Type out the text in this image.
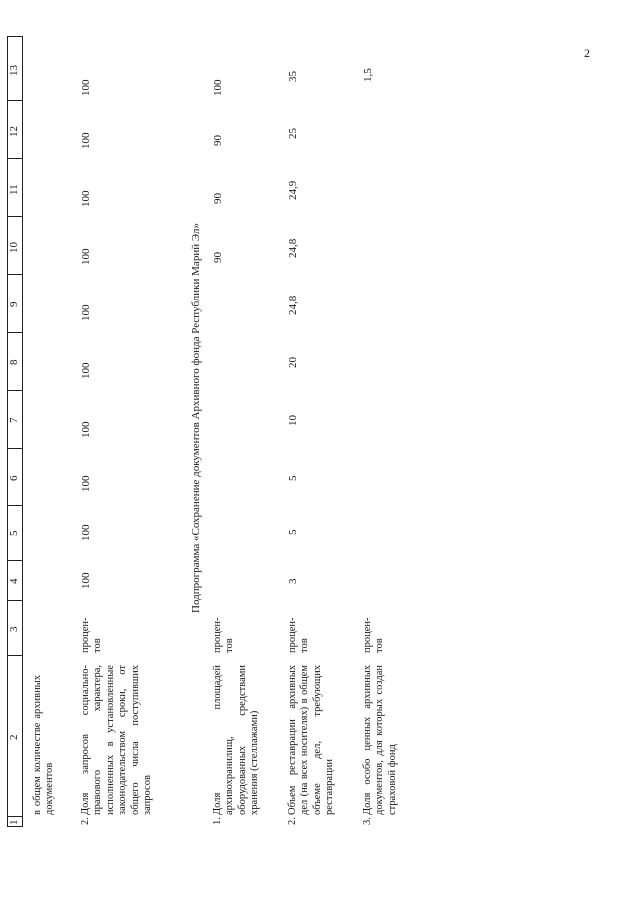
2
1
2
3
4
5
6
7
8
9
10
11
12
13
в общем количестве архивных документов
2.
Доля запросов социально-правового характера, исполненных в установленные законодательством сроки, от общего числа поступивших запросов
процен-тов
100
100
100
100
100
100
100
100
100
100
Подпрограмма «Сохранение документов Архивного фонда Республики Марий Эл»
1.
Доля площадей архивохранилищ, оборудованных средствами хранения (стеллажами)
процен-тов
90
90
90
100
2.
Объем реставрации архивных дел (на всех носителях) в общем объеме дел, требующих реставрации
процен-тов
3
5
5
10
20
24,8
24,8
24,9
25
35
3.
Доля особо ценных архивных документов, для которых создан страховой фонд
процен-тов
1,5
